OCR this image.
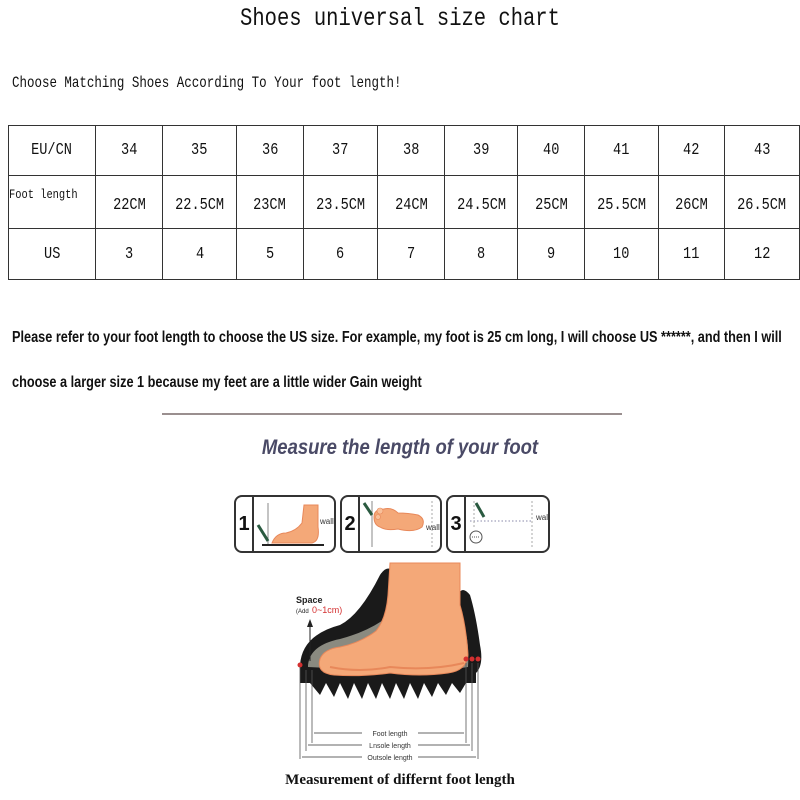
Shoes universal size chart
Choose Matching Shoes According To Your foot length!
EU/CN	34	35	36	37	38	39	40	41	42	43
Foot length	22CM	22.5CM	23CM	23.5CM	24CM	24.5CM	25CM	25.5CM	26CM	26.5CM
US	3	4	5	6	7	8	9	10	11	12
Please refer to your foot length to choose the US size. For example, my foot is 25 cm long, I will choose US ******, and then I will
choose a larger size 1 because my feet are a little wider Gain weight
Measure the length of your foot
1	wall 2	wall 3	wall
Foot length
Lnsole length
Outsole length
Space
(Add 0~1cm)
Measurement of differnt foot length
